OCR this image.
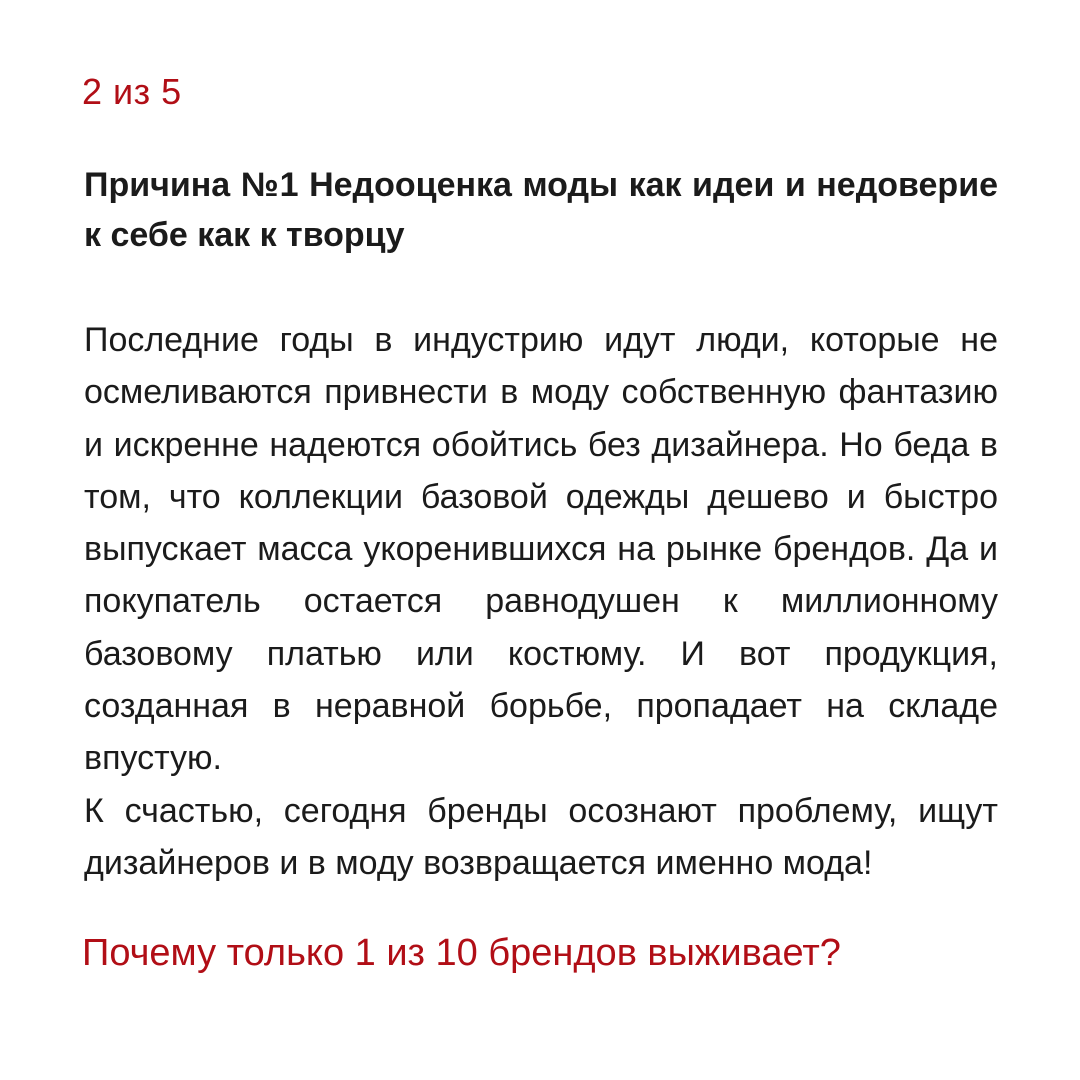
2 из 5
Причина №1 Недооценка моды как идеи и недоверие к себе как к творцу

Последние годы в индустрию идут люди, которые не осмеливаются привнести в моду собственную фантазию и искренне надеются обойтись без дизайнера. Но беда в том, что коллекции базовой одежды дешево и быстро выпускает масса укоренившихся на рынке брендов. Да и покупатель остается равнодушен к миллионному базовому платью или костюму. И вот продукция, созданная в неравной борьбе, пропадает на складе впустую.

К счастью, сегодня бренды осознают проблему, ищут дизайнеров и в моду возвращается именно мода!

Почему только 1 из 10 брендов выживает?
